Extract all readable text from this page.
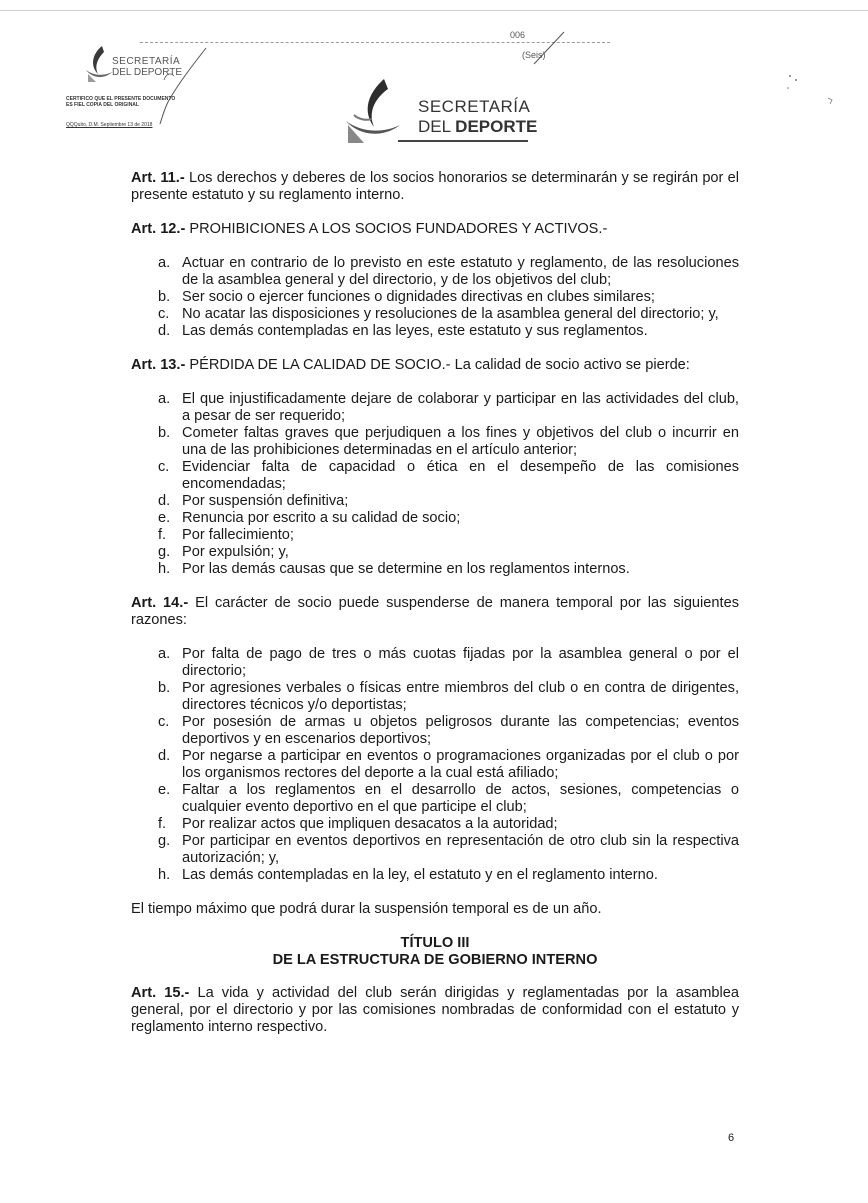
SECRETARÍA
DEL DEPORTE
CERTIFICO QUE EL PRESENTE DOCUMENTO ES FIEL COPIA DEL ORIGINAL
QQQuito, D.M. Septiembre 13 de 2018
006
(Seis)
SECRETARÍA
DEL DEPORTE

Art. 11.- Los derechos y deberes de los socios honorarios se determinarán y se regirán por el presente estatuto y su reglamento interno.

Art. 12.- PROHIBICIONES A LOS SOCIOS FUNDADORES Y ACTIVOS.-

a. Actuar en contrario de lo previsto en este estatuto y reglamento, de las resoluciones de la asamblea general y del directorio, y de los objetivos del club;
b. Ser socio o ejercer funciones o dignidades directivas en clubes similares;
c. No acatar las disposiciones y resoluciones de la asamblea general del directorio; y,
d. Las demás contempladas en las leyes, este estatuto y sus reglamentos.

Art. 13.- PÉRDIDA DE LA CALIDAD DE SOCIO.- La calidad de socio activo se pierde:

a. El que injustificadamente dejare de colaborar y participar en las actividades del club, a pesar de ser requerido;
b. Cometer faltas graves que perjudiquen a los fines y objetivos del club o incurrir en una de las prohibiciones determinadas en el artículo anterior;
c. Evidenciar falta de capacidad o ética en el desempeño de las comisiones encomendadas;
d. Por suspensión definitiva;
e. Renuncia por escrito a su calidad de socio;
f. Por fallecimiento;
g. Por expulsión; y,
h. Por las demás causas que se determine en los reglamentos internos.

Art. 14.- El carácter de socio puede suspenderse de manera temporal por las siguientes razones:

a. Por falta de pago de tres o más cuotas fijadas por la asamblea general o por el directorio;
b. Por agresiones verbales o físicas entre miembros del club o en contra de dirigentes, directores técnicos y/o deportistas;
c. Por posesión de armas u objetos peligrosos durante las competencias; eventos deportivos y en escenarios deportivos;
d. Por negarse a participar en eventos o programaciones organizadas por el club o por los organismos rectores del deporte a la cual está afiliado;
e. Faltar a los reglamentos en el desarrollo de actos, sesiones, competencias o cualquier evento deportivo en el que participe el club;
f. Por realizar actos que impliquen desacatos a la autoridad;
g. Por participar en eventos deportivos en representación de otro club sin la respectiva autorización; y,
h. Las demás contempladas en la ley, el estatuto y en el reglamento interno.

El tiempo máximo que podrá durar la suspensión temporal es de un año.

TÍTULO III

DE LA ESTRUCTURA DE GOBIERNO INTERNO

Art. 15.- La vida y actividad del club serán dirigidas y reglamentadas por la asamblea general, por el directorio y por las comisiones nombradas de conformidad con el estatuto y reglamento interno respectivo.

6
